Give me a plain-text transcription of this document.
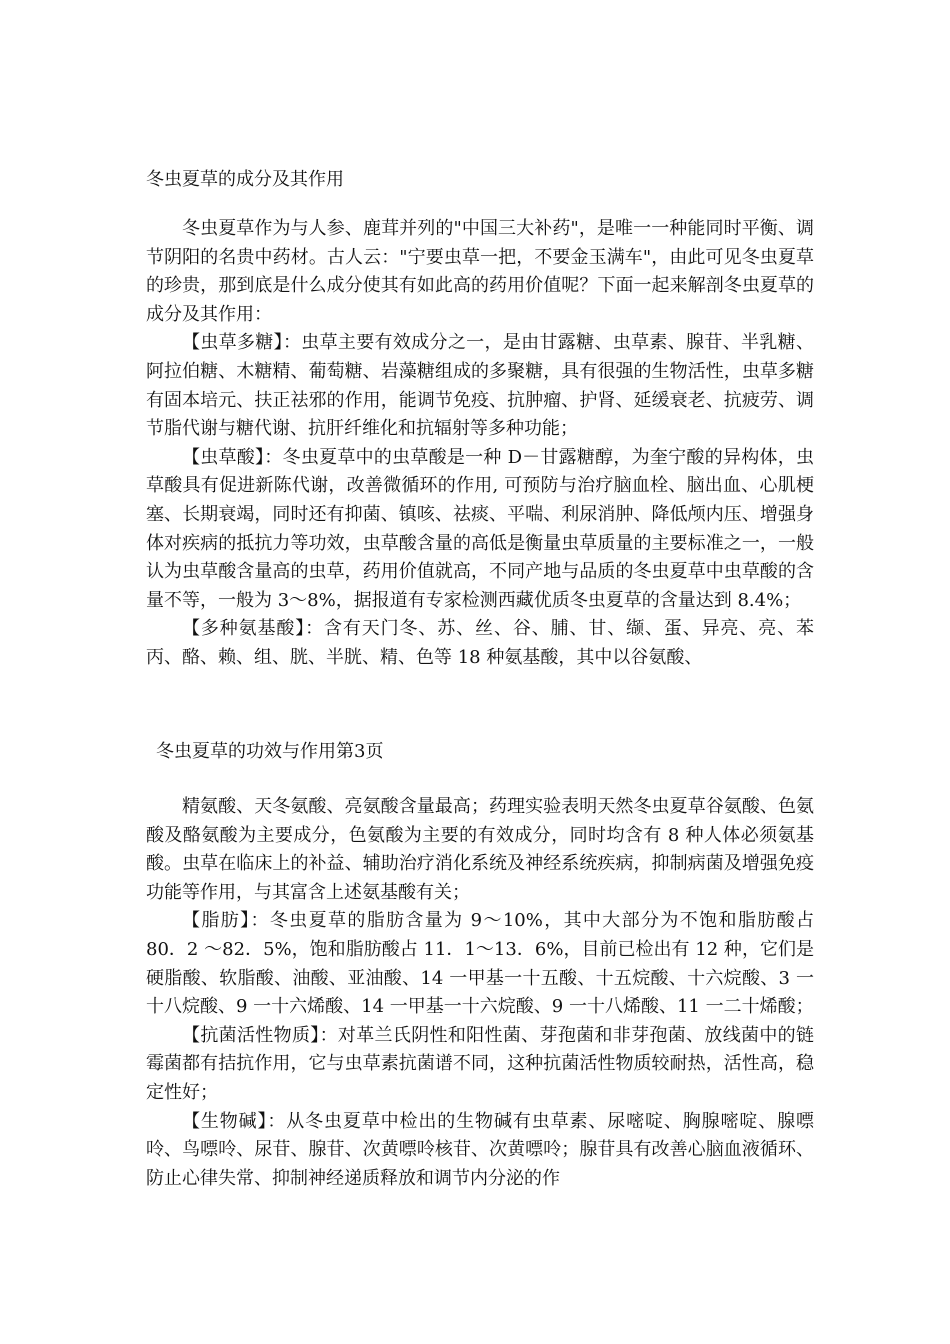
冬虫夏草的成分及其作用

冬虫夏草作为与人参、鹿茸并列的"中国三大补药"，是唯一一种能同时平衡、调节阴阳的名贵中药材。古人云："宁要虫草一把，不要金玉满车"，由此可见冬虫夏草的珍贵，那到底是什么成分使其有如此高的药用价值呢？下面一起来解剖冬虫夏草的成分及其作用：

【虫草多糖】：虫草主要有效成分之一，是由甘露糖、虫草素、腺苷、半乳糖、阿拉伯糖、木糖精、葡萄糖、岩藻糖组成的多聚糖，具有很强的生物活性，虫草多糖有固本培元、扶正祛邪的作用，能调节免疫、抗肿瘤、护肾、延缓衰老、抗疲劳、调节脂代谢与糖代谢、抗肝纤维化和抗辐射等多种功能；

【虫草酸】：冬虫夏草中的虫草酸是一种 D－甘露糖醇，为奎宁酸的异构体，虫草酸具有促进新陈代谢，改善微循环的作用, 可预防与治疗脑血栓、脑出血、心肌梗塞、长期衰竭，同时还有抑菌、镇咳、祛痰、平喘、利尿消肿、降低颅内压、增强身体对疾病的抵抗力等功效，虫草酸含量的高低是衡量虫草质量的主要标准之一，一般认为虫草酸含量高的虫草，药用价值就高，不同产地与品质的冬虫夏草中虫草酸的含量不等，一般为 3～8%，据报道有专家检测西藏优质冬虫夏草的含量达到 8.4%；

【多种氨基酸】：含有天门冬、苏、丝、谷、脯、甘、缬、蛋、异亮、亮、苯丙、酪、赖、组、胱、半胱、精、色等 18 种氨基酸，其中以谷氨酸、

冬虫夏草的功效与作用第3页

精氨酸、天冬氨酸、亮氨酸含量最高；药理实验表明天然冬虫夏草谷氨酸、色氨酸及酪氨酸为主要成分，色氨酸为主要的有效成分，同时均含有 8 种人体必须氨基酸。虫草在临床上的补益、辅助治疗消化系统及神经系统疾病，抑制病菌及增强免疫功能等作用，与其富含上述氨基酸有关；

【脂肪】：冬虫夏草的脂肪含量为 9～10%，其中大部分为不饱和脂肪酸占 80．2 ～82．5%，饱和脂肪酸占 11．1～13．6%，目前已检出有 12 种，它们是硬脂酸、软脂酸、油酸、亚油酸、14 一甲基一十五酸、十五烷酸、十六烷酸、3 一十八烷酸、9 一十六烯酸、14 一甲基一十六烷酸、9 一十八烯酸、11 一二十烯酸；

【抗菌活性物质】：对革兰氏阴性和阳性菌、芽孢菌和非芽孢菌、放线菌中的链霉菌都有拮抗作用，它与虫草素抗菌谱不同，这种抗菌活性物质较耐热，活性高，稳定性好；

【生物碱】：从冬虫夏草中检出的生物碱有虫草素、尿嘧啶、胸腺嘧啶、腺嘌呤、鸟嘌呤、尿苷、腺苷、次黄嘌呤核苷、次黄嘌呤；腺苷具有改善心脑血液循环、防止心律失常、抑制神经递质释放和调节内分泌的作
